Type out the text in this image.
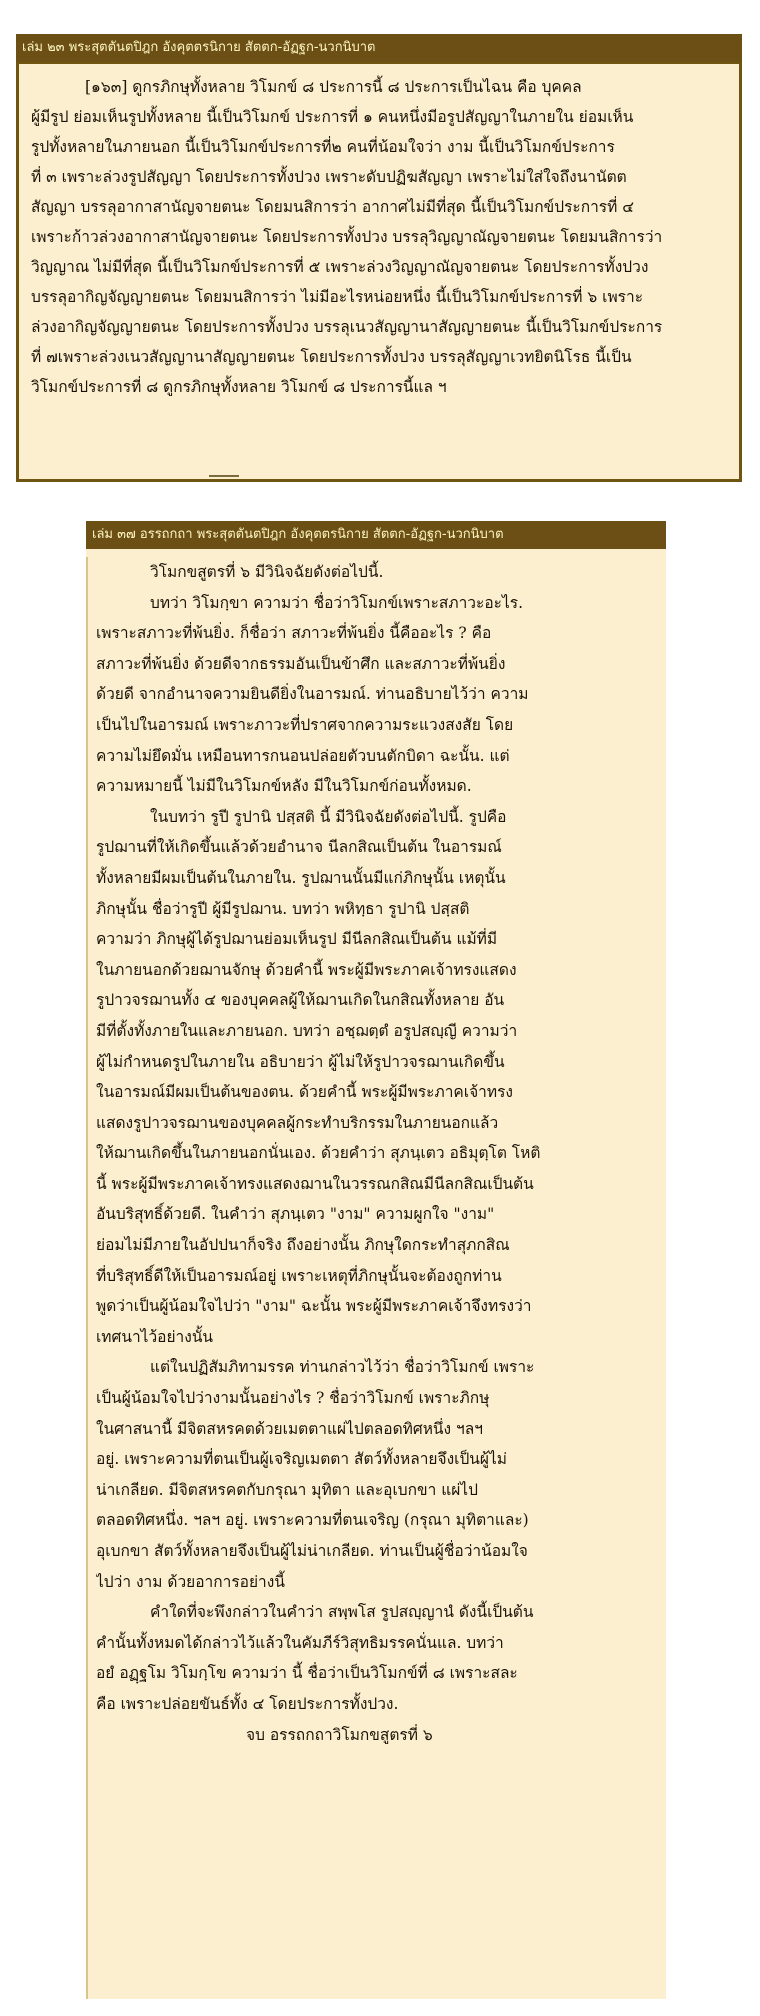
เล่ม ๒๓ พระสุตตันตปิฎก อังคุตตรนิกาย สัตตก-อัฏฐก-นวกนิบาต
[๑๖๓] ดูกรภิกษุทั้งหลาย วิโมกข์ ๘ ประการนี้ ๘ ประการเป็นไฉน คือ บุคคล
ผู้มีรูป ย่อมเห็นรูปทั้งหลาย นี้เป็นวิโมกข์ ประการที่ ๑ คนหนึ่งมีอรูปสัญญาในภายใน ย่อมเห็น
รูปทั้งหลายในภายนอก นี้เป็นวิโมกข์ประการที่๒ คนที่น้อมใจว่า งาม นี้เป็นวิโมกข์ประการ
ที่ ๓ เพราะล่วงรูปสัญญา โดยประการทั้งปวง เพราะดับปฏิฆสัญญา เพราะไม่ใส่ใจถึงนานัตต
สัญญา บรรลุอากาสานัญจายตนะ โดยมนสิการว่า อากาศไม่มีที่สุด นี้เป็นวิโมกข์ประการที่ ๔
เพราะก้าวล่วงอากาสานัญจายตนะ โดยประการทั้งปวง บรรลุวิญญาณัญจายตนะ โดยมนสิการว่า
วิญญาณ ไม่มีที่สุด นี้เป็นวิโมกข์ประการที่ ๕ เพราะล่วงวิญญาณัญจายตนะ โดยประการทั้งปวง
บรรลุอากิญจัญญายตนะ โดยมนสิการว่า ไม่มีอะไรหน่อยหนึ่ง นี้เป็นวิโมกข์ประการที่ ๖ เพราะ
ล่วงอากิญจัญญายตนะ โดยประการทั้งปวง บรรลุเนวสัญญานาสัญญายตนะ นี้เป็นวิโมกข์ประการ
ที่ ๗เพราะล่วงเนวสัญญานาสัญญายตนะ โดยประการทั้งปวง บรรลุสัญญาเวทยิตนิโรธ นี้เป็น
วิโมกข์ประการที่ ๘ ดูกรภิกษุทั้งหลาย วิโมกข์ ๘ ประการนี้แล ฯ
เล่ม ๓๗ อรรถกถา พระสุตตันตปิฎก อังคุตตรนิกาย สัตตก-อัฏฐก-นวกนิบาต
วิโมกขสูตรที่ ๖ มีวินิจฉัยดังต่อไปนี้.
บทว่า วิโมกฺขา ความว่า ชื่อว่าวิโมกข์เพราะสภาวะอะไร.
เพราะสภาวะที่พ้นยิ่ง. ก็ชื่อว่า สภาวะที่พ้นยิ่ง นี้คืออะไร ? คือ
สภาวะที่พ้นยิ่ง ด้วยดีจากธรรมอันเป็นข้าศึก และสภาวะที่พ้นยิ่ง
ด้วยดี จากอำนาจความยินดียิ่งในอารมณ์. ท่านอธิบายไว้ว่า ความ
เป็นไปในอารมณ์ เพราะภาวะที่ปราศจากความระแวงสงสัย โดย
ความไม่ยึดมั่น เหมือนทารกนอนปล่อยตัวบนตักบิดา ฉะนั้น. แต่
ความหมายนี้ ไม่มีในวิโมกข์หลัง มีในวิโมกข์ก่อนทั้งหมด.
ในบทว่า รูปี รูปานิ ปสฺสติ นี้ มีวินิจฉัยดังต่อไปนี้. รูปคือ
รูปฌานที่ให้เกิดขึ้นแล้วด้วยอำนาจ นีลกสิณเป็นต้น ในอารมณ์
ทั้งหลายมีผมเป็นต้นในภายใน. รูปฌานนั้นมีแก่ภิกษุนั้น เหตุนั้น
ภิกษุนั้น ชื่อว่ารูปี ผู้มีรูปฌาน. บทว่า พหิทฺธา รูปานิ ปสฺสติ
ความว่า ภิกษุผู้ได้รูปฌานย่อมเห็นรูป มีนีลกสิณเป็นต้น แม้ที่มี
ในภายนอกด้วยฌานจักษุ ด้วยคำนี้ พระผู้มีพระภาคเจ้าทรงแสดง
รูปาวจรฌานทั้ง ๔ ของบุคคลผู้ให้ฌานเกิดในกสิณทั้งหลาย อัน
มีที่ตั้งทั้งภายในและภายนอก. บทว่า อชฺฌตฺตํ อรูปสญฺญี ความว่า
ผู้ไม่กำหนดรูปในภายใน อธิบายว่า ผู้ไม่ให้รูปาวจรฌานเกิดขึ้น
ในอารมณ์มีผมเป็นต้นของตน. ด้วยคำนี้ พระผู้มีพระภาคเจ้าทรง
แสดงรูปาวจรฌานของบุคคลผู้กระทำบริกรรมในภายนอกแล้ว
ให้ฌานเกิดขึ้นในภายนอกนั่นเอง. ด้วยคำว่า สุภนฺเตว อธิมุตฺโต โหติ
นี้ พระผู้มีพระภาคเจ้าทรงแสดงฌานในวรรณกสิณมีนีลกสิณเป็นต้น
อันบริสุทธิ์ด้วยดี. ในคำว่า สุภนฺเตว "งาม" ความผูกใจ "งาม"
ย่อมไม่มีภายในอัปปนาก็จริง ถึงอย่างนั้น ภิกษุใดกระทำสุภกสิณ
ที่บริสุทธิ์ดีให้เป็นอารมณ์อยู่ เพราะเหตุที่ภิกษุนั้นจะต้องถูกท่าน
พูดว่าเป็นผู้น้อมใจไปว่า "งาม" ฉะนั้น พระผู้มีพระภาคเจ้าจึงทรงว่า
เทศนาไว้อย่างนั้น
แต่ในปฏิสัมภิทามรรค ท่านกล่าวไว้ว่า ชื่อว่าวิโมกข์ เพราะ
เป็นผู้น้อมใจไปว่างามนั้นอย่างไร ? ชื่อว่าวิโมกข์ เพราะภิกษุ
ในศาสนานี้ มีจิตสหรคตด้วยเมตตาแผ่ไปตลอดทิศหนึ่ง ฯลฯ
อยู่. เพราะความที่ตนเป็นผู้เจริญเมตตา สัตว์ทั้งหลายจึงเป็นผู้ไม่
น่าเกลียด. มีจิตสหรคตกับกรุณา มุทิตา และอุเบกขา แผ่ไป
ตลอดทิศหนึ่ง. ฯลฯ อยู่. เพราะความที่ตนเจริญ (กรุณา มุทิตาและ)
อุเบกขา สัตว์ทั้งหลายจึงเป็นผู้ไม่น่าเกลียด. ท่านเป็นผู้ชื่อว่าน้อมใจ
ไปว่า งาม ด้วยอาการอย่างนี้
คำใดที่จะพึงกล่าวในคำว่า สพฺพโส รูปสญฺญานํ ดังนี้เป็นต้น
คำนั้นทั้งหมดได้กล่าวไว้แล้วในคัมภีร์วิสุทธิมรรคนั่นแล. บทว่า
อยํ อฏฺฐโม วิโมกฺโข ความว่า นี้ ชื่อว่าเป็นวิโมกข์ที่ ๘ เพราะสละ
คือ เพราะปล่อยขันธ์ทั้ง ๔ โดยประการทั้งปวง.
จบ อรรถกถาวิโมกขสูตรที่ ๖
